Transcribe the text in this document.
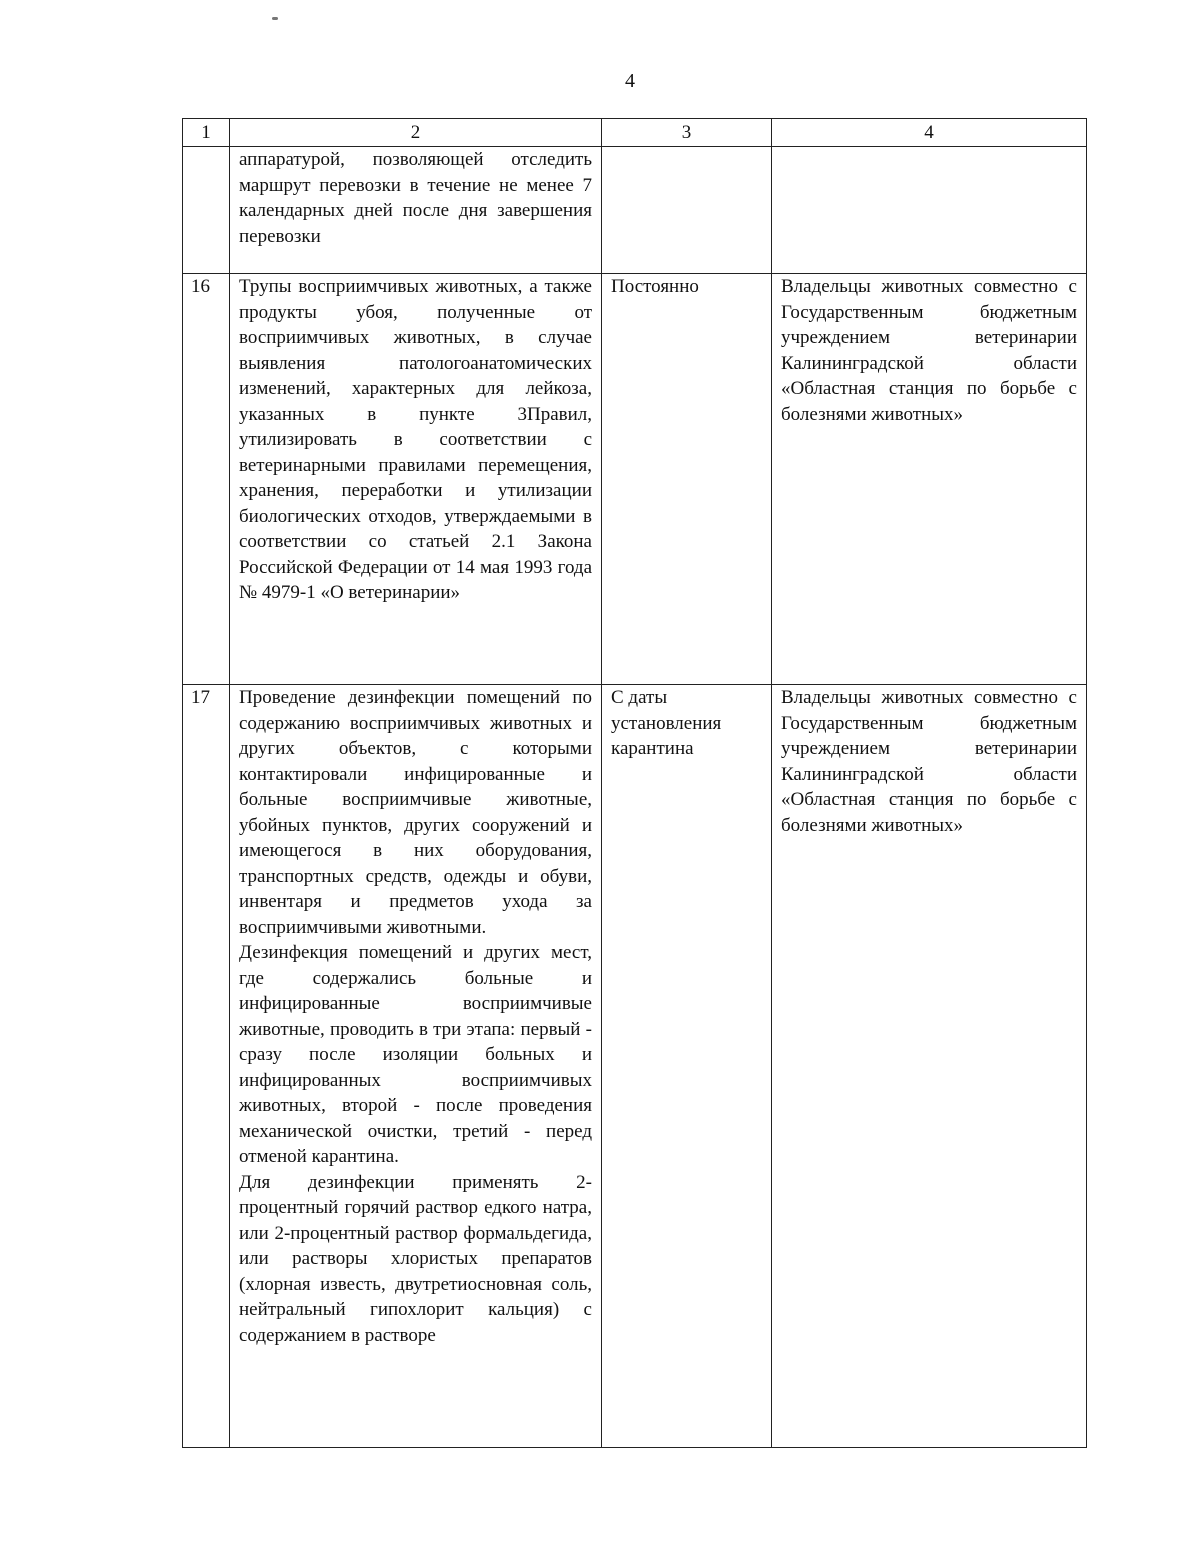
4
1	2	3	4

	аппаратурой, позволяющей отследить маршрут перевозки в течение не менее 7 календарных дней после дня завершения перевозки		

16	Трупы восприимчивых животных, а также продукты убоя, полученные от восприимчивых животных, в случае выявления патологоанатомических изменений, характерных для лейкоза, указанных в пункте 3Правил, утилизировать в соответствии с ветеринарными правилами перемещения, хранения, переработки и утилизации биологических отходов, утверждаемыми в соответствии со статьей 2.1 Закона Российской Федерации от 14 мая 1993 года № 4979-1 «О ветеринарии»	Постоянно	Владельцы животных совместно с Государственным бюджетным учреждением ветеринарии Калининградской области «Областная станция по борьбе с болезнями животных»
17	Проведение дезинфекции помещений по содержанию восприимчивых животных и других объектов, с которыми контактировали инфицированные и больные восприимчивые животные, убойных пунктов, других сооружений и имеющегося в них оборудования, транспортных средств, одежды и обуви, инвентаря и предметов ухода за восприимчивыми животными.
Дезинфекция помещений и других мест, где содержались больные и инфицированные восприимчивые животные, проводить в три этапа: первый - сразу после изоляции больных и инфицированных восприимчивых животных, второй - после проведения механической очистки, третий - перед отменой карантина.
Для дезинфекции применять 2-процентный горячий раствор едкого натра, или 2-процентный раствор формальдегида, или растворы хлористых препаратов (хлорная известь, двутретиосновная соль, нейтральный гипохлорит кальция) с содержанием в растворе	С даты установления карантина	Владельцы животных совместно с Государственным бюджетным учреждением ветеринарии Калининградской области «Областная станция по борьбе с болезнями животных»
